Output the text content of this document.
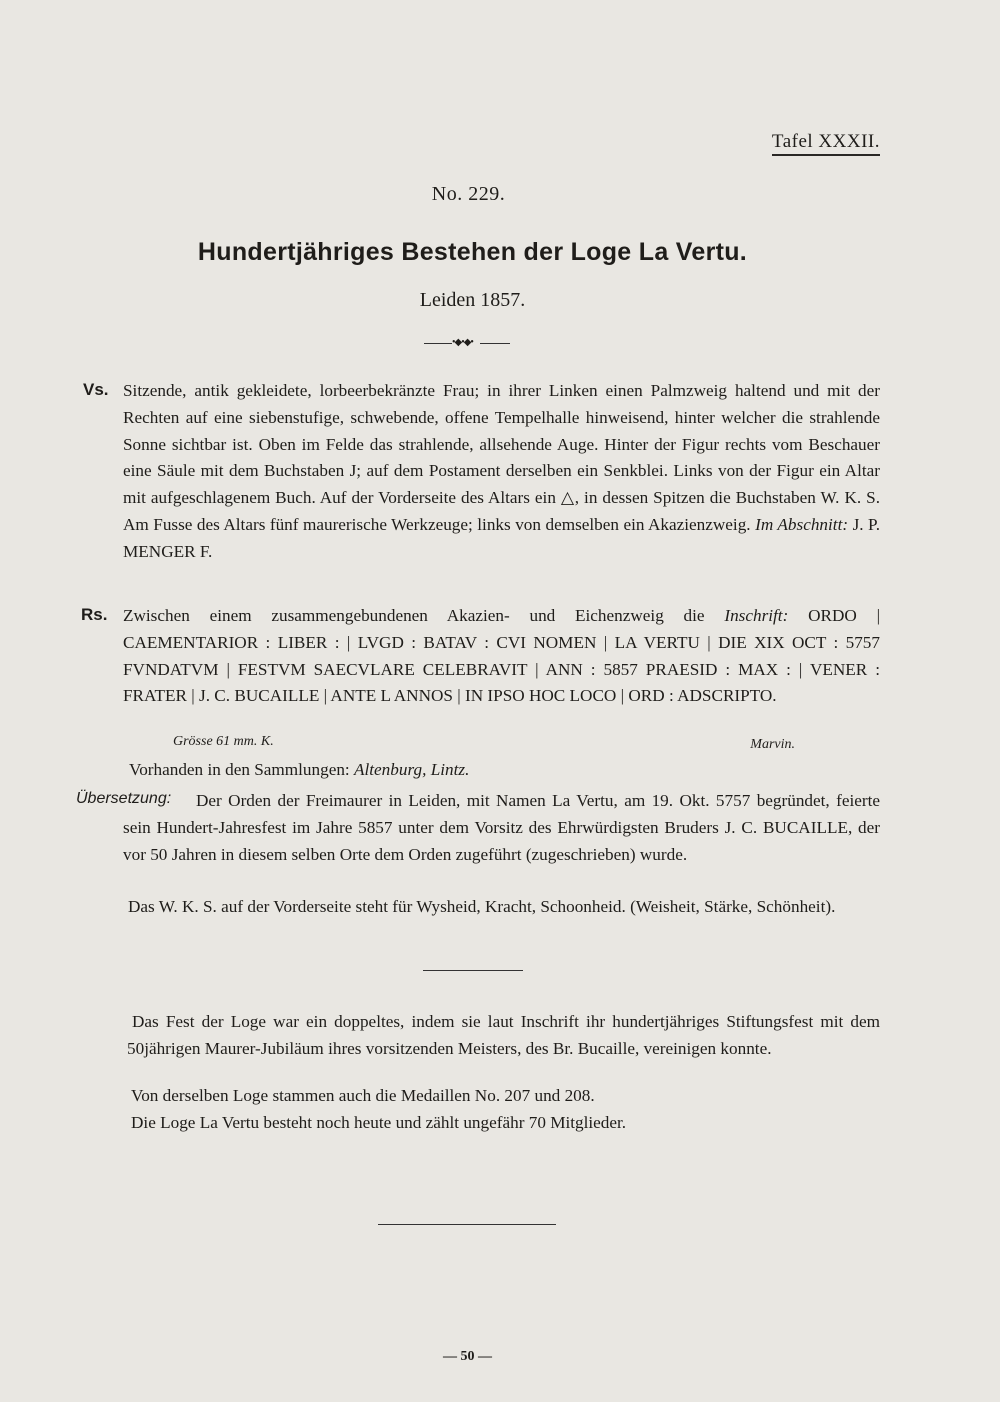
Tafel XXXII.
No. 229.
Hundertjähriges Bestehen der Loge La Vertu.
Leiden 1857.
•◆•◆•
Vs. Sitzende, antik gekleidete, lorbeerbekränzte Frau; in ihrer Linken einen Palmzweig haltend und mit der Rechten auf eine siebenstufige, schwebende, offene Tempelhalle hinweisend, hinter welcher die strahlende Sonne sichtbar ist. Oben im Felde das strahlende, allsehende Auge. Hinter der Figur rechts vom Beschauer eine Säule mit dem Buchstaben J; auf dem Postament derselben ein Senkblei. Links von der Figur ein Altar mit aufgeschlagenem Buch. Auf der Vorderseite des Altars ein △, in dessen Spitzen die Buchstaben W. K. S. Am Fusse des Altars fünf maurerische Werkzeuge; links von demselben ein Akazienzweig. Im Abschnitt: J. P. MENGER F.
Rs. Zwischen einem zusammengebundenen Akazien- und Eichenzweig die Inschrift: ORDO | CAEMENTARIOR : LIBER : | LVGD : BATAV : CVI NOMEN | LA VERTU | DIE XIX OCT : 5757 FVNDATVM | FESTVM SAECVLARE CELEBRAVIT | ANN : 5857 PRAESID : MAX : | VENER : FRATER | J. C. BUCAILLE | ANTE L ANNOS | IN IPSO HOC LOCO | ORD : ADSCRIPTO.
Grösse 61 mm. K.	Marvin.
Vorhanden in den Sammlungen: Altenburg, Lintz.
Übersetzung:	Der Orden der Freimaurer in Leiden, mit Namen La Vertu, am 19. Okt. 5757 begründet, feierte sein Hundert-Jahresfest im Jahre 5857 unter dem Vorsitz des Ehrwürdigsten Bruders J. C. BUCAILLE, der vor 50 Jahren in diesem selben Orte dem Orden zugeführt (zugeschrieben) wurde.
Das W. K. S. auf der Vorderseite steht für Wysheid, Kracht, Schoonheid. (Weisheit, Stärke, Schönheit).
Das Fest der Loge war ein doppeltes, indem sie laut Inschrift ihr hundertjähriges Stiftungsfest mit dem 50jährigen Maurer-Jubiläum ihres vorsitzenden Meisters, des Br. Bucaille, vereinigen konnte.
Von derselben Loge stammen auch die Medaillen No. 207 und 208.
Die Loge La Vertu besteht noch heute und zählt ungefähr 70 Mitglieder.
— 50 —
